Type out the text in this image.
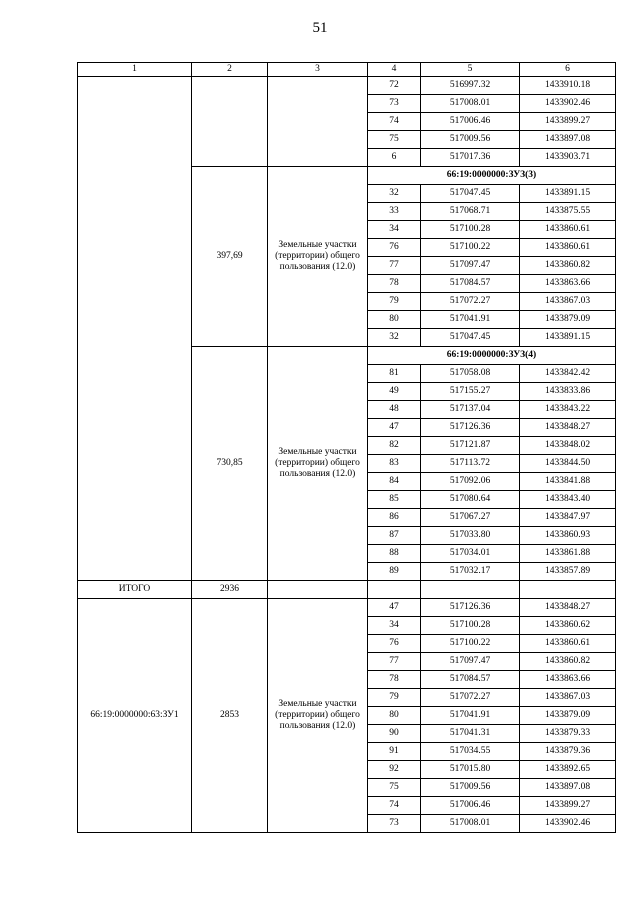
51
1	2	3	4	5	6
			72	516997.32	1433910.18
			73	517008.01	1433902.46
			74	517006.46	1433899.27
			75	517009.56	1433897.08
			6	517017.36	1433903.71
	397,69	Земельные участки (территории) общего пользования (12.0)	66:19:0000000:ЗУЗ(3)		
			32	517047.45	1433891.15
			33	517068.71	1433875.55
			34	517100.28	1433860.61
			76	517100.22	1433860.61
			77	517097.47	1433860.82
			78	517084.57	1433863.66
			79	517072.27	1433867.03
			80	517041.91	1433879.09
			32	517047.45	1433891.15
	730,85	Земельные участки (территории) общего пользования (12.0)	66:19:0000000:ЗУЗ(4)		
			81	517058.08	1433842.42
			49	517155.27	1433833.86
			48	517137.04	1433843.22
			47	517126.36	1433848.27
			82	517121.87	1433848.02
			83	517113.72	1433844.50
			84	517092.06	1433841.88
			85	517080.64	1433843.40
			86	517067.27	1433847.97
			87	517033.80	1433860.93
			88	517034.01	1433861.88
			89	517032.17	1433857.89
ИТОГО	2936				
66:19:0000000:63:ЗУ1	2853	Земельные участки (территории) общего пользования (12.0)	47	517126.36	1433848.27
			34	517100.28	1433860.62
			76	517100.22	1433860.61
			77	517097.47	1433860.82
			78	517084.57	1433863.66
			79	517072.27	1433867.03
			80	517041.91	1433879.09
			90	517041.31	1433879.33
			91	517034.55	1433879.36
			92	517015.80	1433892.65
			75	517009.56	1433897.08
			74	517006.46	1433899.27
			73	517008.01	1433902.46
